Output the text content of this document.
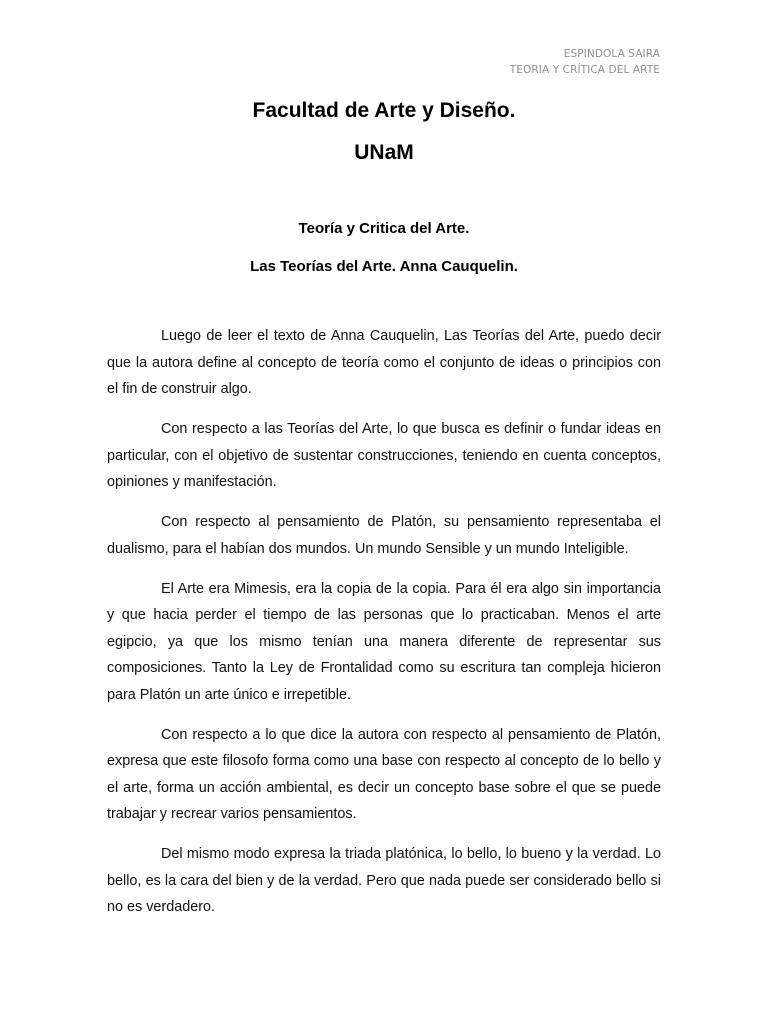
ESPINDOLA SAIRA
TEORIA Y CRÍTICA DEL ARTE
Facultad de Arte y Diseño.
UNaM
Teoría y Critica del Arte.
Las Teorías del Arte. Anna Cauquelin.

Luego de leer el texto de Anna Cauquelin, Las Teorías del Arte, puedo decir que la autora define al concepto de teoría como el conjunto de ideas o principios con el fin de construir algo.

Con respecto a las Teorías del Arte, lo que busca es definir o fundar ideas en particular, con el objetivo de sustentar construcciones, teniendo en cuenta conceptos, opiniones y manifestación.

Con respecto al pensamiento de Platón, su pensamiento representaba el dualismo, para el habían dos mundos. Un mundo Sensible y un mundo Inteligible.

El Arte era Mimesis, era la copia de la copia. Para él era algo sin importancia y que hacia perder el tiempo de las personas que lo practicaban. Menos el arte egipcio, ya que los mismo tenían una manera diferente de representar sus composiciones. Tanto la Ley de Frontalidad como su escritura tan compleja hicieron para Platón un arte único e irrepetible.

Con respecto a lo que dice la autora con respecto al pensamiento de Platón, expresa que este filosofo forma como una base con respecto al concepto de lo bello y el arte, forma un acción ambiental, es decir un concepto base sobre el que se puede trabajar y recrear varios pensamientos.

Del mismo modo expresa la triada platónica, lo bello, lo bueno y la verdad. Lo bello, es la cara del bien y de la verdad. Pero que nada puede ser considerado bello si no es verdadero.
